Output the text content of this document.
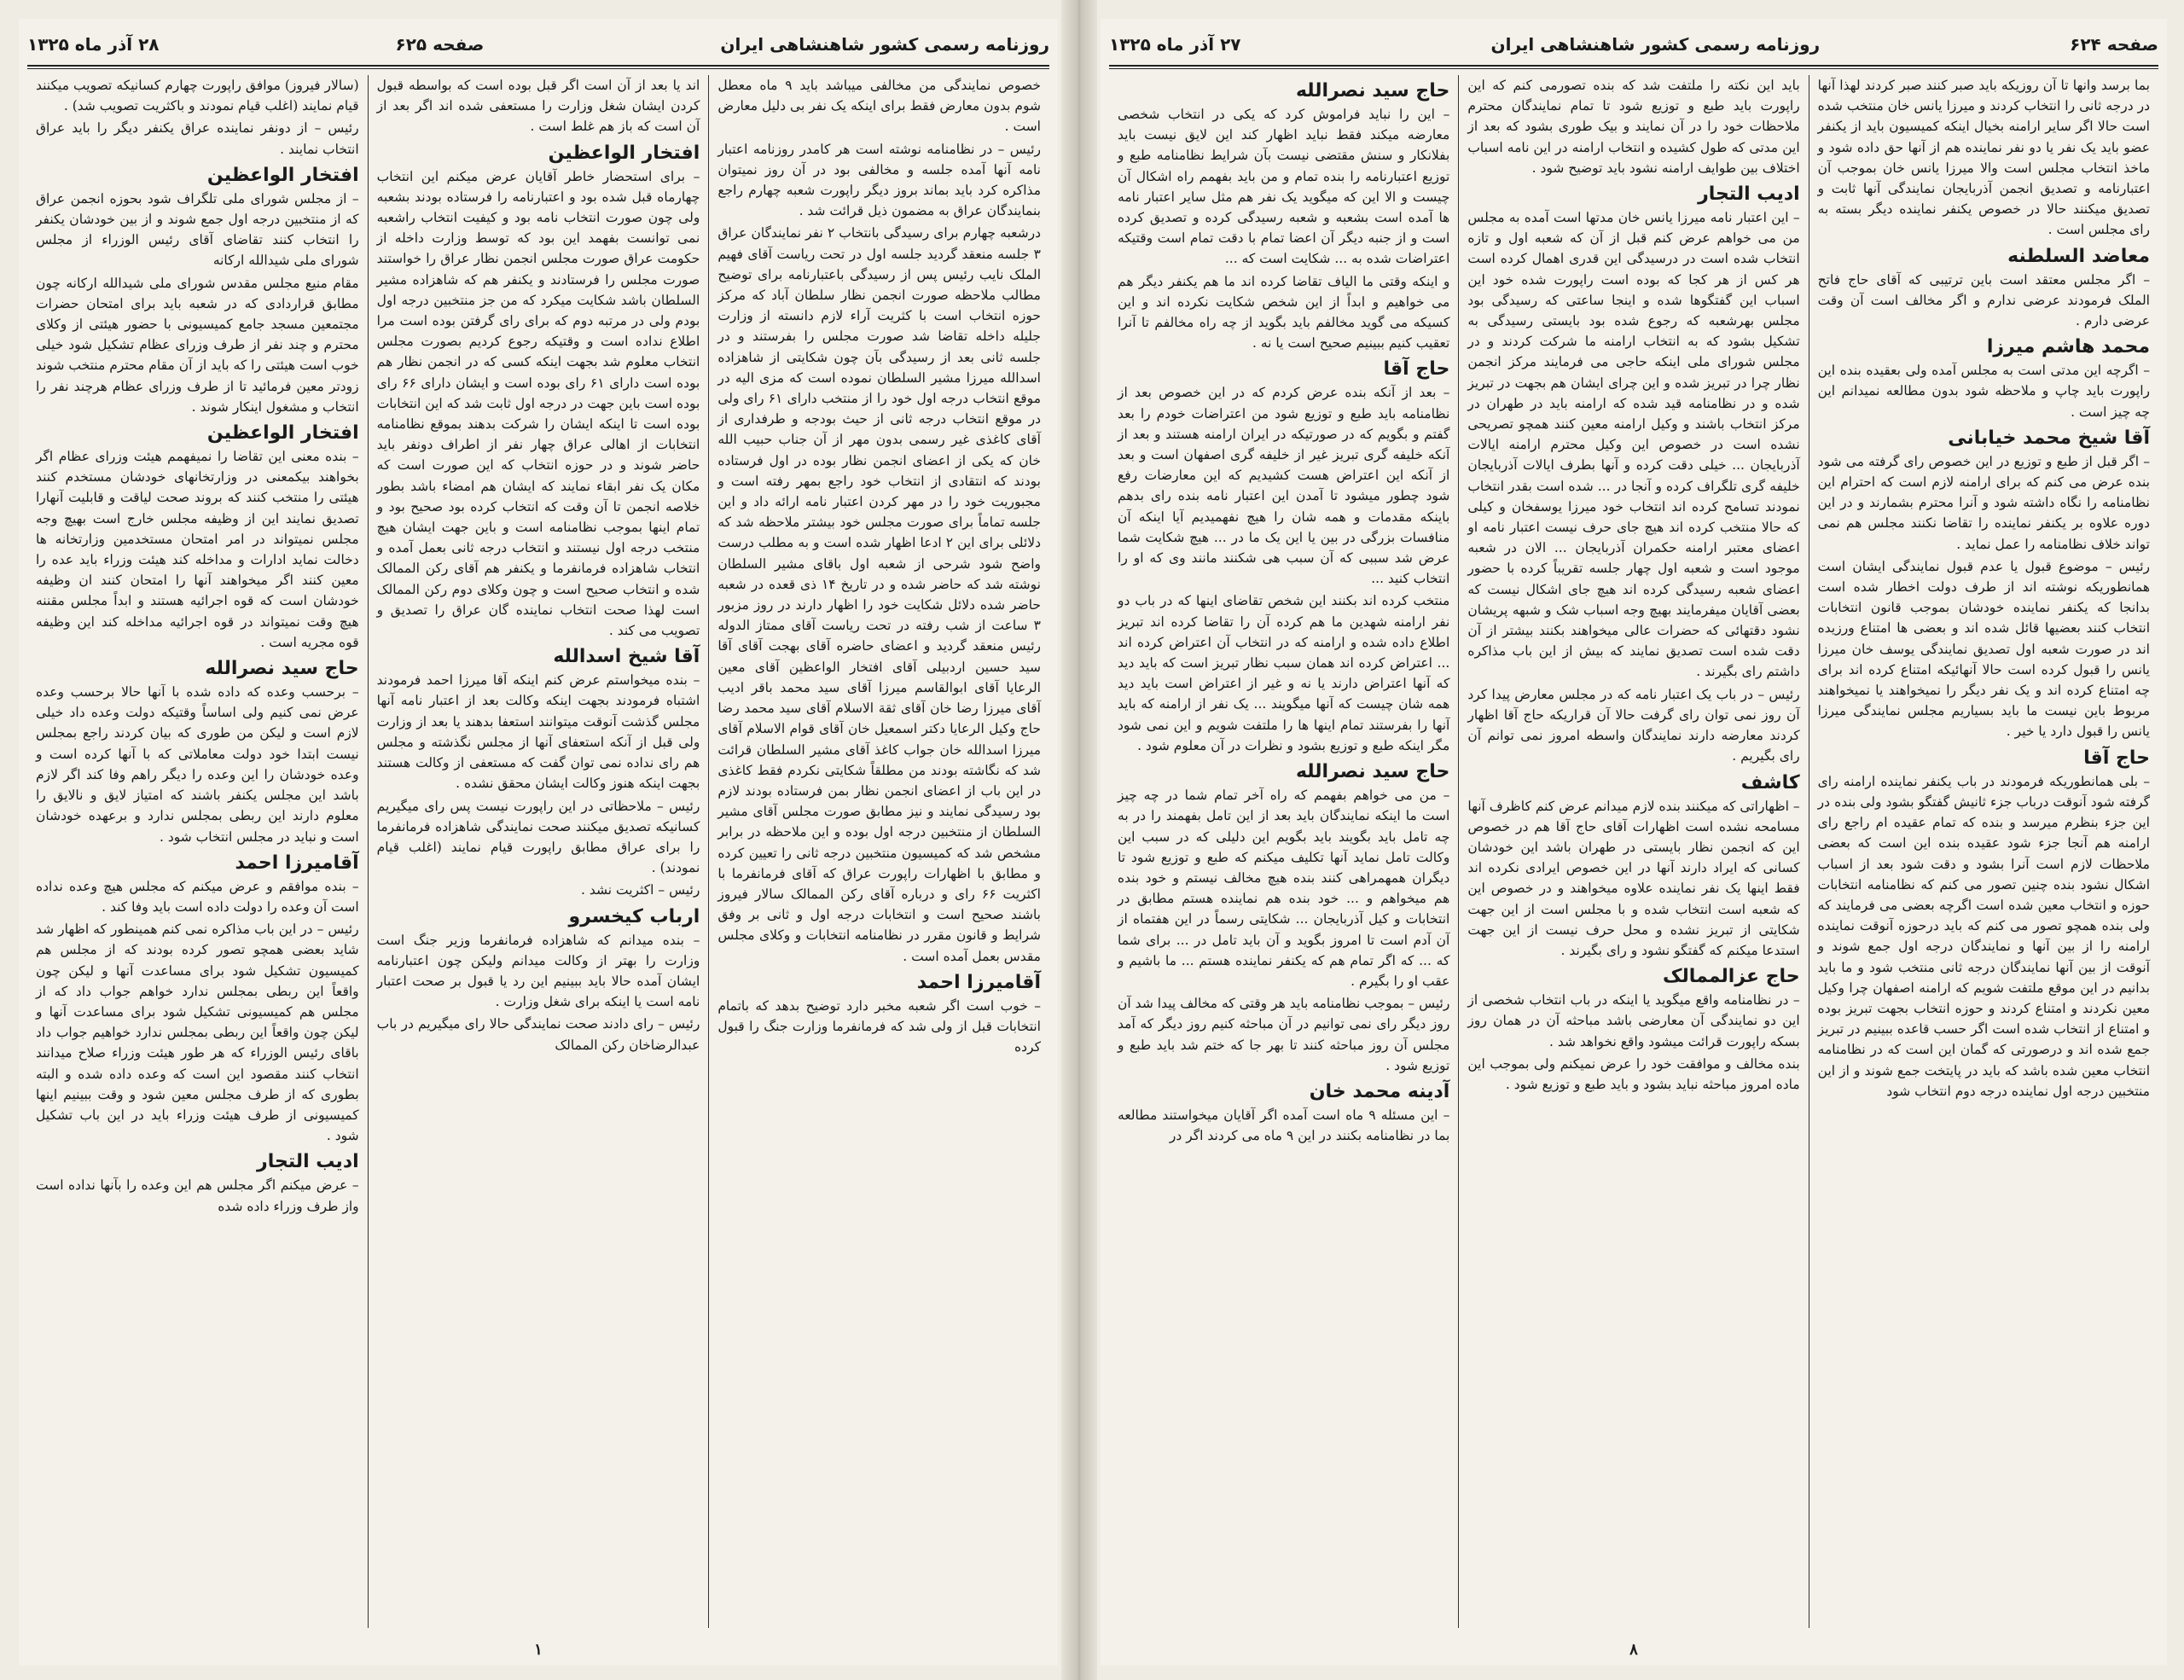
روزنامه رسمی کشور شاهنشاهی ایران
صفحه ۶۲۵
۲۸ آذر ماه ۱۳۲۵

خصوص نمایندگی من مخالفی میباشد باید ۹ ماه معطل شوم بدون معارض فقط برای اینکه یک نفر بی دلیل معارض است .

رئیس – در نظامنامه نوشته است هر کامدر روزنامه اعتبار نامه آنها آمده جلسه و مخالفی بود در آن روز نمیتوان مذاکره کرد باید بماند بروز دیگر راپورت شعبه چهارم راجع بنمایندگان عراق به مضمون ذیل قرائت شد .

درشعبه چهارم برای رسیدگی بانتخاب ۲ نفر نمایندگان عراق ۳ جلسه منعقد گردید جلسه اول در تحت ریاست آقای فهیم الملک نایب رئیس پس از رسیدگی باعتبارنامه برای توضیح مطالب ملاحظه صورت انجمن نظار سلطان آباد که مرکز حوزه انتخاب است با کثریت آراء لازم دانسته از وزارت جلیله داخله تقاضا شد صورت مجلس را بفرستند و در جلسه ثانی بعد از رسیدگی بآن چون شکایتی از شاهزاده اسدالله میرزا مشیر السلطان نموده است که مزی الیه در موقع انتخاب درجه اول خود را از منتخب دارای ۶۱ رای ولی در موقع انتخاب درجه ثانی از حیث بودجه و طرفداری از آقای کاغذی غیر رسمی بدون مهر از آن جناب حبیب الله خان که یکی از اعضای انجمن نظار بوده در اول فرستاده بودند که انتقادی از انتخاب خود راجع بمهر رفته است و مجبوریت خود را در مهر کردن اعتبار نامه ارائه داد و این جلسه تماماً برای صورت مجلس خود بیشتر ملاحظه شد که دلائلی برای این ۲ ادعا اظهار شده است و به مطلب درست واضح شود شرحی از شعبه اول باقای مشیر السلطان نوشته شد که حاضر شده و در تاریخ ۱۴ ذی قعده در شعبه حاضر شده دلائل شکایت خود را اظهار دارند در روز مزبور ۳ ساعت از شب رفته در تحت ریاست آقای ممتاز الدوله رئیس منعقد گردید و اعضای حاضره آقای بهجت آقای آقا سید حسین اردبیلی آقای افتخار الواعظین آقای معین الرعایا آقای ابوالقاسم میرزا آقای سید محمد باقر ادیب آقای میرزا رضا خان آقای ثقة الاسلام آقای سید محمد رضا حاج وکیل الرعایا دکتر اسمعیل خان آقای قوام الاسلام آقای میرزا اسدالله خان جواب کاغذ آقای مشیر السلطان قرائت شد که نگاشته بودند من مطلقاً شکایتی نکردم فقط کاغذی در این باب از اعضای انجمن نظار بمن فرستاده بودند لازم بود رسیدگی نمایند و نیز مطابق صورت مجلس آقای مشیر السلطان از منتخبین درجه اول بوده و این ملاحظه در برابر مشخص شد که کمیسیون منتخبین درجه ثانی را تعیین کرده و مطابق با اظهارات راپورت عراق که آقای فرمانفرما با اکثریت ۶۶ رای و درباره آقای رکن الممالک سالار فیروز باشند صحیح است و انتخابات درجه اول و ثانی بر وفق شرایط و قانون مقرر در نظامنامه انتخابات و وکلای مجلس مقدس بعمل آمده است .

آقامیرزا احمد

– خوب است اگر شعبه مخبر دارد توضیح بدهد که باتمام انتخابات قبل از ولی شد که فرمانفرما وزارت جنگ را قبول کرده

اند یا بعد از آن است اگر قبل بوده است که بواسطه قبول کردن ایشان شغل وزارت را مستعفی شده اند اگر بعد از آن است که باز هم غلط است .

افتخار الواعظین

– برای استحضار خاطر آقایان عرض میکنم این انتخاب چهارماه قبل شده بود و اعتبارنامه را فرستاده بودند بشعبه ولی چون صورت انتخاب نامه بود و کیفیت انتخاب راشعبه نمی توانست بفهمد این بود که توسط وزارت داخله از حکومت عراق صورت مجلس انجمن نظار عراق را خواستند صورت مجلس را فرستادند و یکنفر هم که شاهزاده مشیر السلطان باشد شکایت میکرد که من جز منتخبین درجه اول بودم ولی در مرتبه دوم که برای رای گرفتن بوده است مرا اطلاع نداده است و وقتیکه رجوع کردیم بصورت مجلس انتخاب معلوم شد بجهت اینکه کسی که در انجمن نظار هم بوده است دارای ۶۱ رای بوده است و ایشان دارای ۶۶ رای بوده است باین جهت در درجه اول ثابت شد که این انتخابات بوده است تا اینکه ایشان را شرکت بدهند بموقع نظامنامه انتخابات از اهالی عراق چهار نفر از اطراف دونفر باید حاضر شوند و در حوزه انتخاب که این صورت است که مکان یک نفر ابقاء نمایند که ایشان هم امضاء باشد بطور خلاصه انجمن تا آن وقت که انتخاب کرده بود صحیح بود و تمام اینها بموجب نظامنامه است و باین جهت ایشان هیچ منتخب درجه اول نیستند و انتخاب درجه ثانی بعمل آمده و انتخاب شاهزاده فرمانفرما و یکنفر هم آقای رکن الممالک شده و انتخاب صحیح است و چون وکلای دوم رکن الممالک است لهذا صحت انتخاب نماینده گان عراق را تصدیق و تصویب می کند .

آقا شیخ اسدالله

– بنده میخواستم عرض کنم اینکه آقا میرزا احمد فرمودند اشتباه فرمودند بجهت اینکه وکالت بعد از اعتبار نامه آنها مجلس گذشت آنوقت میتوانند استعفا بدهند یا بعد از وزارت ولی قبل از آنکه استعفای آنها از مجلس نگذشته و مجلس هم رای نداده نمی توان گفت که مستعفی از وکالت هستند بجهت اینکه هنوز وکالت ایشان محقق نشده .

رئیس – ملاحظاتی در این راپورت نیست پس رای میگیریم کسانیکه تصدیق میکنند صحت نمایندگی شاهزاده فرمانفرما را برای عراق مطابق راپورت قیام نمایند (اغلب قیام نمودند) .

رئیس – اکثریت نشد .

ارباب کیخسرو

– بنده میدانم که شاهزاده فرمانفرما وزیر جنگ است وزارت را بهتر از وکالت میدانم ولیکن چون اعتبارنامه ایشان آمده حالا باید ببینیم این رد یا قبول بر صحت اعتبار نامه است یا اینکه برای شغل وزارت .

رئیس – رای دادند صحت نمایندگی حالا رای میگیریم در باب عبدالرضاخان رکن الممالک

(سالار فیروز) موافق راپورت چهارم کسانیکه تصویب میکنند قیام نمایند (اغلب قیام نمودند و باکثریت تصویب شد) .

رئیس – از دونفر نماینده عراق یکنفر دیگر را باید عراق انتخاب نمایند .

افتخار الواعظین

– از مجلس شورای ملی تلگراف شود بحوزه انجمن عراق که از منتخبین درجه اول جمع شوند و از بین خودشان یکنفر را انتخاب کنند تقاضای آقای رئیس الوزراء از مجلس شورای ملی شیدالله ارکانه

مقام منیع مجلس مقدس شورای ملی شیدالله ارکانه چون مطابق قراردادی که در شعبه باید برای امتحان حضرات مجتمعین مسجد جامع کمیسیونی با حضور هیئتی از وکلای محترم و چند نفر از طرف وزرای عظام تشکیل شود خیلی خوب است هیئتی را که باید از آن مقام محترم منتخب شوند زودتر معین فرمائید تا از طرف وزرای عظام هرچند نفر را انتخاب و مشغول اینکار شوند .

افتخار الواعظین

– بنده معنی این تقاضا را نمیفهمم هیئت وزرای عظام اگر بخواهند بیکمعنی در وزارتخانهای خودشان مستخدم کنند هیئتی را منتخب کنند که بروند صحت لیاقت و قابلیت آنهارا تصدیق نمایند این از وظیفه مجلس خارج است بهیچ وجه مجلس نمیتواند در امر امتحان مستخدمین وزارتخانه ها دخالت نماید ادارات و مداخله کند هیئت وزراء باید عده را معین کنند اگر میخواهند آنها را امتحان کنند ان وظیفه خودشان است که قوه اجرائیه هستند و ابداً مجلس مقننه هیچ وقت نمیتواند در قوه اجرائیه مداخله کند این وظیفه قوه مجریه است .

حاج سید نصرالله

– برحسب وعده که داده شده با آنها حالا برحسب وعده عرض نمی کنیم ولی اساساً وقتیکه دولت وعده داد خیلی لازم است و لیکن من طوری که بیان کردند راجع بمجلس نیست ابتدا خود دولت معاملاتی که با آنها کرده است و وعده خودشان را این وعده را دیگر راهم وفا کند اگر لازم باشد این مجلس یکنفر باشند که امتیاز لایق و نالایق را معلوم دارند این ربطی بمجلس ندارد و برعهده خودشان است و نباید در مجلس انتخاب شود .

آقامیرزا احمد

– بنده موافقم و عرض میکنم که مجلس هیچ وعده نداده است آن وعده را دولت داده است باید وفا کند .

رئیس – در این باب مذاکره نمی کنم همینطور که اظهار شد شاید بعضی همچو تصور کرده بودند که از مجلس هم کمیسیون تشکیل شود برای مساعدت آنها و لیکن چون واقعاً این ربطی بمجلس ندارد خواهم جواب داد که از مجلس هم کمیسیونی تشکیل شود برای مساعدت آنها و لیکن چون واقعاً این ربطی بمجلس ندارد خواهیم جواب داد باقای رئیس الوزراء که هر طور هیئت وزراء صلاح میدانند انتخاب کنند مقصود این است که وعده داده شده و البته بطوری که از طرف مجلس معین شود و وقت ببینیم اینها کمیسیونی از طرف هیئت وزراء باید در این باب تشکیل شود .

ادیب التجار

– عرض میکنم اگر مجلس هم این وعده را بآنها نداده است واز طرف وزراء داده شده

۱
صفحه ۶۲۴
روزنامه رسمی کشور شاهنشاهی ایران
۲۷ آذر ماه ۱۳۲۵

بما برسد وانها تا آن روزیکه باید صبر کنند صبر کردند لهذا آنها در درجه ثانی را انتخاب کردند و میرزا یانس خان منتخب شده است حالا اگر سایر ارامنه بخیال اینکه کمیسیون باید از یکنفر عضو باید یک نفر یا دو نفر نماینده هم از آنها حق داده شود و ماخذ انتخاب مجلس است والا میرزا یانس خان بموجب آن اعتبارنامه و تصدیق انجمن آذربایجان نمایندگی آنها ثابت و تصدیق میکنند حالا در خصوص یکنفر نماینده دیگر بسته به رای مجلس است .

معاضد السلطنه

– اگر مجلس معتقد است باین ترتیبی که آقای حاج فاتح الملک فرمودند عرضی ندارم و اگر مخالف است آن وقت عرضی دارم .

محمد هاشم میرزا

– اگرچه این مدتی است به مجلس آمده ولی بعقیده بنده این راپورت باید چاپ و ملاحظه شود بدون مطالعه نمیدانم این چه چیز است .

آقا شیخ محمد خیابانی

– اگر قبل از طبع و توزیع در این خصوص رای گرفته می شود بنده عرض می کنم که برای ارامنه لازم است که احترام این نظامنامه را نگاه داشته شود و آنرا محترم بشمارند و در این دوره علاوه بر یکنفر نماینده را تقاضا نکنند مجلس هم نمی تواند خلاف نظامنامه را عمل نماید .

رئیس – موضوع قبول یا عدم قبول نمایندگی ایشان است همانطوریکه نوشته اند از طرف دولت اخطار شده است بدانجا که یکنفر نماینده خودشان بموجب قانون انتخابات انتخاب کنند بعضیها قائل شده اند و بعضی ها امتناع ورزیده اند در صورت شعبه اول تصدیق نمایندگی یوسف خان میرزا یانس را قبول کرده است حالا آنهائیکه امتناع کرده اند برای چه امتناع کرده اند و یک نفر دیگر را نمیخواهند یا نمیخواهند مربوط باین نیست ما باید بسیاریم مجلس نمایندگی میرزا یانس را قبول دارد یا خیر .

حاج آقا

– بلی همانطوریکه فرمودند در باب یکنفر نماینده ارامنه رای گرفته شود آنوقت درباب جزء ثانیش گفتگو بشود ولی بنده در این جزء بنظرم میرسد و بنده که تمام عقیده ام راجع رای ارامنه هم آنجا جزء شود عقیده بنده این است که بعضی ملاحظات لازم است آنرا بشود و دقت شود بعد از اسباب اشکال نشود بنده چنین تصور می کنم که نظامنامه انتخابات حوزه و انتخاب معین شده است اگرچه بعضی می فرمایند که ولی بنده همچو تصور می کنم که باید درحوزه آنوقت نماینده ارامنه را از بین آنها و نمایندگان درجه اول جمع شوند و آنوقت از بین آنها نمایندگان درجه ثانی منتخب شود و ما باید بدانیم در این موقع ملتفت شویم که ارامنه اصفهان چرا وکیل معین نکردند و امتناع کردند و حوزه انتخاب بجهت تبریز بوده و امتناع از انتخاب شده است اگر حسب قاعده ببینیم در تبریز جمع شده اند و درصورتی که گمان این است که در نظامنامه انتخاب معین شده باشد که باید در پایتخت جمع شوند و از این منتخبین درجه اول نماینده درجه دوم انتخاب شود

باید این نکته را ملتفت شد که بنده تصورمی کنم که این راپورت باید طبع و توزیع شود تا تمام نمایندگان محترم ملاحظات خود را در آن نمایند و بیک طوری بشود که بعد از این مدتی که طول کشیده و انتخاب ارامنه در این نامه اسباب اختلاف بین طوایف ارامنه نشود باید توضیح شود .

ادیب التجار

– این اعتبار نامه میرزا یانس خان مدتها است آمده به مجلس من می خواهم عرض کنم قبل از آن که شعبه اول و تازه انتخاب شده است در درسیدگی این قدری اهمال کرده است هر کس از هر کجا که بوده است راپورت شده خود این اسباب این گفتگوها شده و اینجا ساعتی که رسیدگی بود مجلس بهرشعبه که رجوع شده بود بایستی رسیدگی به تشکیل بشود که به انتخاب ارامنه ما شرکت کردند و در مجلس شورای ملی اینکه حاجی می فرمایند مرکز انجمن نظار چرا در تبریز شده و این چرای ایشان هم بجهت در تبریز شده و در نظامنامه قید شده که ارامنه باید در طهران در مرکز انتخاب باشند و وکیل ارامنه معین کنند همچو تصریحی نشده است در خصوص این وکیل محترم ارامنه ایالات آذربایجان ... خیلی دقت کرده و آنها بطرف ایالات آذربایجان خلیفه گری تلگراف کرده و آنجا در ... شده است بقدر انتخاب نمودند تسامح کرده اند انتخاب خود میرزا یوسفخان و کیلی که حالا منتخب کرده اند هیچ جای حرف نیست اعتبار نامه او اعضای معتبر ارامنه حکمران آذربایجان ... الان در شعبه موجود است و شعبه اول چهار جلسه تقریباً کرده با حضور اعضای شعبه رسیدگی کرده اند هیچ جای اشکال نیست که بعضی آقایان میفرمایند بهیچ وجه اسباب شک و شبهه پریشان نشود دقتهائی که حضرات عالی میخواهند بکنند بیشتر از آن دقت شده است تصدیق نمایند که بیش از این باب مذاکره داشتم رای بگیرند .

رئیس – در باب یک اعتبار نامه که در مجلس معارض پیدا کرد آن روز نمی توان رای گرفت حالا آن قراریکه حاج آقا اظهار کردند معارضه دارند نمایندگان واسطه امروز نمی توانم آن رای بگیریم .

کاشف

– اظهاراتی که میکنند بنده لازم میدانم عرض کنم کاظرف آنها مسامحه نشده است اظهارات آقای حاج آقا هم در خصوص این که انجمن نظار بایستی در طهران باشد این خودشان کسانی که ایراد دارند آنها در این خصوص ایرادی نکرده اند فقط اینها یک نفر نماینده علاوه میخواهند و در خصوص این که شعبه است انتخاب شده و با مجلس است از این جهت شکایتی از تبریز نشده و محل حرف نیست از این جهت استدعا میکنم که گفتگو نشود و رای بگیرند .

حاج عزالممالک

– در نظامنامه واقع میگوید یا اینکه در باب انتخاب شخصی از این دو نمایندگی آن معارضی باشد مباحثه آن در همان روز بسکه راپورت قرائت میشود واقع نخواهد شد .

بنده مخالف و موافقت خود را عرض نمیکنم ولی بموجب این ماده امروز مباحثه نباید بشود و باید طبع و توزیع شود .

حاج سید نصرالله

– این را نباید فراموش کرد که یکی در انتخاب شخصی معارضه میکند فقط نباید اظهار کند این لایق نیست باید بفلانکار و سنش مقتضی نیست بآن شرایط نظامنامه طبع و توزیع اعتبارنامه را بنده تمام و من باید بفهمم راه اشکال آن چیست و الا این که میگوید یک نفر هم مثل سایر اعتبار نامه ها آمده است بشعبه و شعبه رسیدگی کرده و تصدیق کرده است و از جنبه دیگر آن اعضا تمام با دقت تمام است وقتیکه اعتراضات شده به ... شکایت است که ...

و اینکه وقتی ما الیاف تقاضا کرده اند ما هم یکنفر دیگر هم می خواهیم و ابداً از این شخص شکایت نکرده اند و این کسیکه می گوید مخالفم باید بگوید از چه راه مخالفم تا آنرا تعقیب کنیم ببینیم صحیح است یا نه .

حاج آقا

– بعد از آنکه بنده عرض کردم که در این خصوص بعد از نظامنامه باید طبع و توزیع شود من اعتراضات خودم را بعد گفتم و بگویم که در صورتیکه در ایران ارامنه هستند و بعد از آنکه خلیفه گری تبریز غیر از خلیفه گری اصفهان است و بعد از آنکه این اعتراض هست کشیدیم که این معارضات رفع شود چطور میشود تا آمدن این اعتبار نامه بنده رای بدهم باینکه مقدمات و همه شان را هیچ نفهمیدیم آیا اینکه آن منافسات بزرگی در بین یا این یک ما در ... هیچ شکایت شما عرض شد سببی که آن سبب هی شکنند مانند وی که او را انتخاب کنید ...

منتخب کرده اند بکنند این شخص تقاضای اینها که در باب دو نفر ارامنه شهدین ما هم کرده آن را تقاضا کرده اند تبریز اطلاع داده شده و ارامنه که در انتخاب آن اعتراض کرده اند ... اعتراض کرده اند همان سبب نظار تبریز است که باید دید که آنها اعتراض دارند یا نه و غیر از اعتراض است باید دید همه شان چیست که آنها میگویند ... یک نفر از ارامنه که باید آنها را بفرستند تمام اینها ها را ملتفت شویم و این نمی شود مگر اینکه طبع و توزیع بشود و نظرات در آن معلوم شود .

حاج سید نصرالله

– من می خواهم بفهمم که راه آخر تمام شما در چه چیز است ما اینکه نمایندگان باید بعد از این تامل بفهمند را در به چه تامل باید بگویند باید بگویم این دلیلی که در سبب این وکالت تامل نماید آنها تکلیف میکنم که طبع و توزیع شود تا دیگران همهمراهی کنند بنده هیچ مخالف نیستم و خود بنده هم میخواهم و ... خود بنده هم نماینده هستم مطابق در انتخابات و کیل آذربایجان ... شکایتی رسماً در این هفتماه از آن آدم است تا امروز بگوید و آن باید تامل در ... برای شما که ... که اگر تمام هم که یکنفر نماینده هستم ... ما باشیم و عقب او را بگیرم .

رئیس – بموجب نظامنامه باید هر وقتی که مخالف پیدا شد آن روز دیگر رای نمی توانیم در آن مباحثه کنیم روز دیگر که آمد مجلس آن روز مباحثه کنند تا بهر جا که ختم شد باید طبع و توزیع شود .

آدینه محمد خان

– این مسئله ۹ ماه است آمده اگر آقایان میخواستند مطالعه بما در نظامنامه بکنند در این ۹ ماه می کردند اگر در

۸
